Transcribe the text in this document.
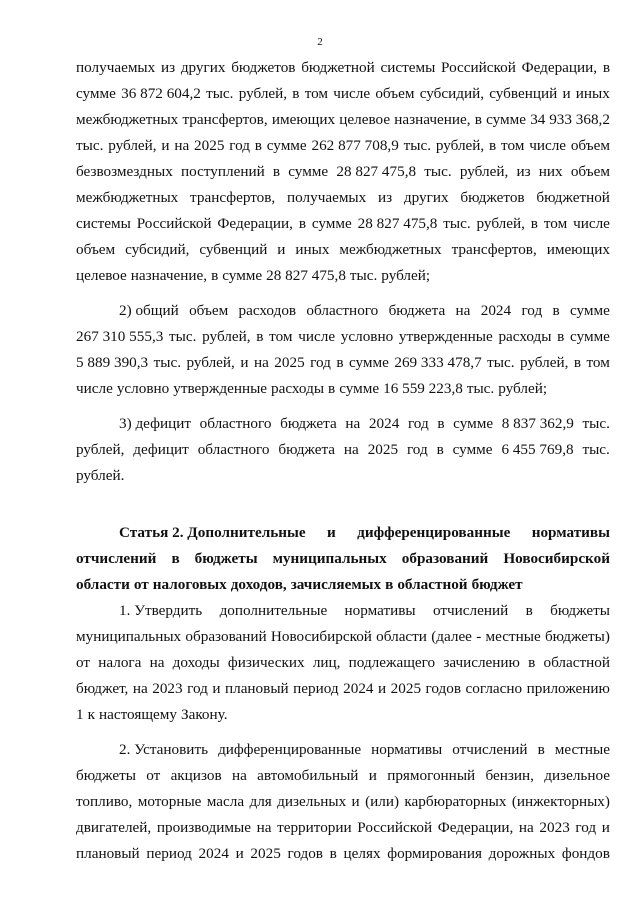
2
получаемых из других бюджетов бюджетной системы Российской Федерации, в
сумме 36 872 604,2 тыс. рублей, в том числе объем субсидий, субвенций и иных
межбюджетных трансфертов, имеющих целевое назначение, в сумме 34 933 368,2
тыс. рублей, и на 2025 год в сумме 262 877 708,9 тыс. рублей, в том числе объем
безвозмездных поступлений в сумме 28 827 475,8 тыс. рублей, из них объем
межбюджетных трансфертов, получаемых из других бюджетов бюджетной
системы Российской Федерации, в сумме 28 827 475,8 тыс. рублей, в том числе
объем субсидий, субвенций и иных межбюджетных трансфертов, имеющих
целевое назначение, в сумме 28 827 475,8 тыс. рублей;
2) общий объем расходов областного бюджета на 2024 год в сумме
267 310 555,3 тыс. рублей, в том числе условно утвержденные расходы в сумме
5 889 390,3 тыс. рублей, и на 2025 год в сумме 269 333 478,7 тыс. рублей, в том
числе условно утвержденные расходы в сумме 16 559 223,8 тыс. рублей;
3) дефицит областного бюджета на 2024 год в сумме 8 837 362,9 тыс.
рублей, дефицит областного бюджета на 2025 год в сумме 6 455 769,8 тыс.
рублей.
Статья 2. Дополнительные и дифференцированные нормативы
отчислений в бюджеты муниципальных образований Новосибирской
области от налоговых доходов, зачисляемых в областной бюджет
1. Утвердить дополнительные нормативы отчислений в бюджеты
муниципальных образований Новосибирской области (далее - местные бюджеты)
от налога на доходы физических лиц, подлежащего зачислению в областной
бюджет, на 2023 год и плановый период 2024 и 2025 годов согласно приложению
1 к настоящему Закону.
2. Установить дифференцированные нормативы отчислений в местные
бюджеты от акцизов на автомобильный и прямогонный бензин, дизельное
топливо, моторные масла для дизельных и (или) карбюраторных (инжекторных)
двигателей, производимые на территории Российской Федерации, на 2023 год и
плановый период 2024 и 2025 годов в целях формирования дорожных фондов
